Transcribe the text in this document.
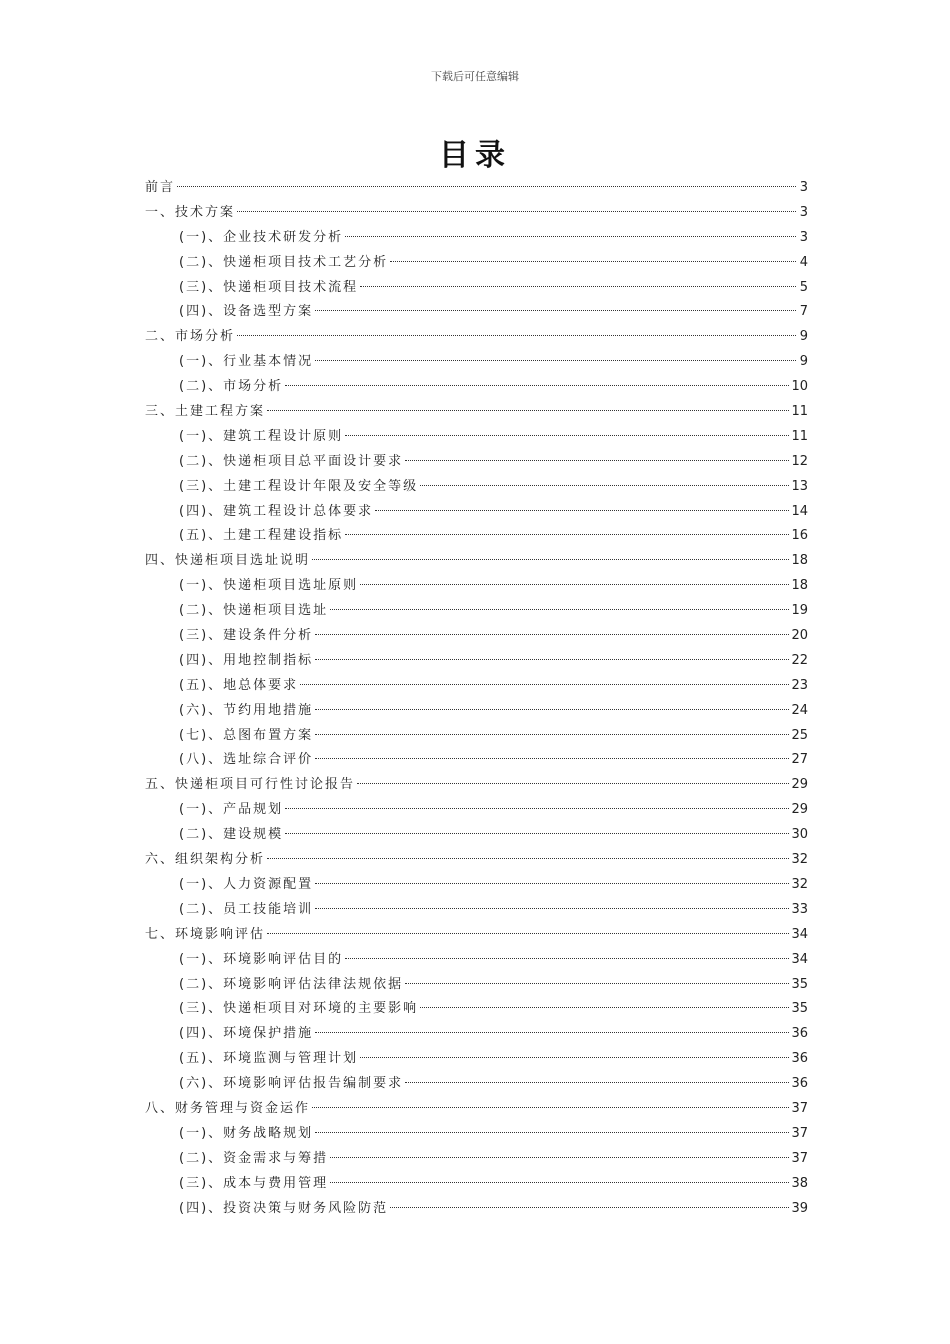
下载后可任意编辑
目录
前言	3
一、技术方案	3
(一)、企业技术研发分析	3
(二)、快递柜项目技术工艺分析	4
(三)、快递柜项目技术流程	5
(四)、设备选型方案	7
二、市场分析	9
(一)、行业基本情况	9
(二)、市场分析	10
三、土建工程方案	11
(一)、建筑工程设计原则	11
(二)、快递柜项目总平面设计要求	12
(三)、土建工程设计年限及安全等级	13
(四)、建筑工程设计总体要求	14
(五)、土建工程建设指标	16
四、快递柜项目选址说明	18
(一)、快递柜项目选址原则	18
(二)、快递柜项目选址	19
(三)、建设条件分析	20
(四)、用地控制指标	22
(五)、地总体要求	23
(六)、节约用地措施	24
(七)、总图布置方案	25
(八)、选址综合评价	27
五、快递柜项目可行性讨论报告	29
(一)、产品规划	29
(二)、建设规模	30
六、组织架构分析	32
(一)、人力资源配置	32
(二)、员工技能培训	33
七、环境影响评估	34
(一)、环境影响评估目的	34
(二)、环境影响评估法律法规依据	35
(三)、快递柜项目对环境的主要影响	35
(四)、环境保护措施	36
(五)、环境监测与管理计划	36
(六)、环境影响评估报告编制要求	36
八、财务管理与资金运作	37
(一)、财务战略规划	37
(二)、资金需求与筹措	37
(三)、成本与费用管理	38
(四)、投资决策与财务风险防范	39
